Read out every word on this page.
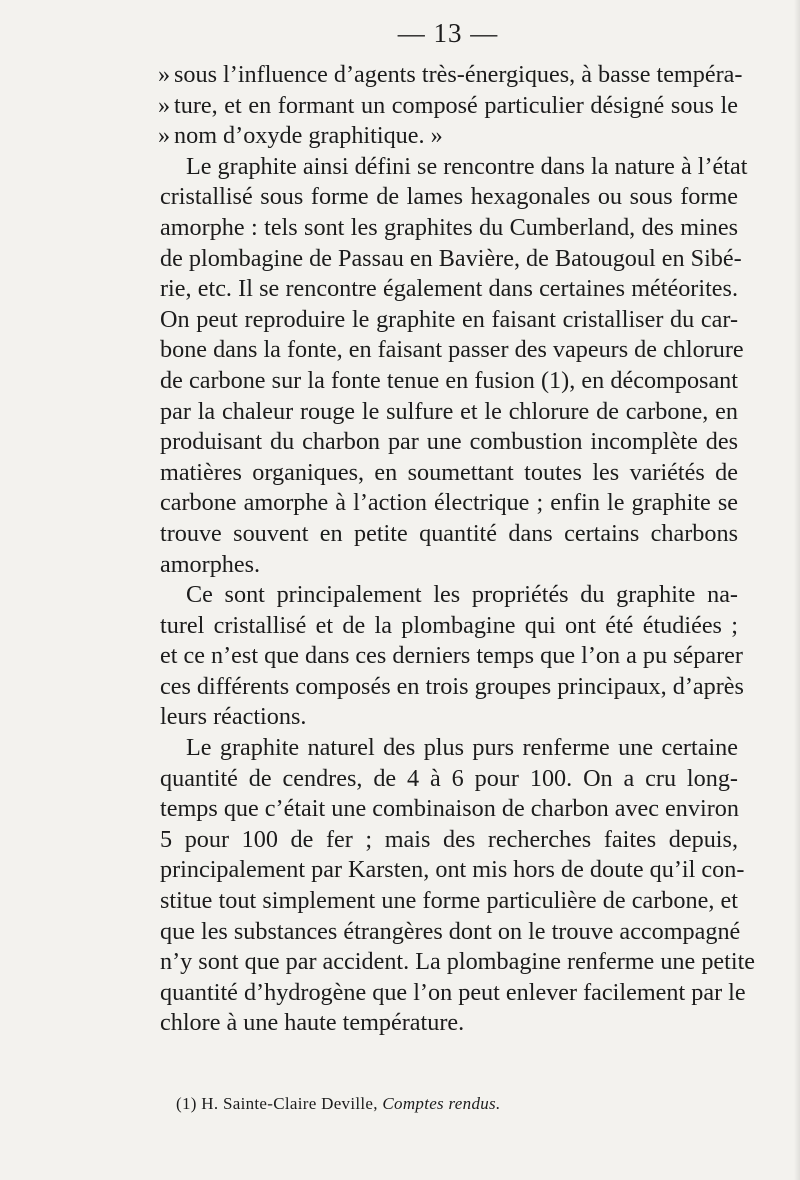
— 13 —
» sous l’influence d’agents très-énergiques, à basse tempéra-
» ture, et en formant un composé particulier désigné sous le
» nom d’oxyde graphitique. »
Le graphite ainsi défini se rencontre dans la nature à l’état
cristallisé sous forme de lames hexagonales ou sous forme
amorphe : tels sont les graphites du Cumberland, des mines
de plombagine de Passau en Bavière, de Batougoul en Sibé-
rie, etc. Il se rencontre également dans certaines météorites.
On peut reproduire le graphite en faisant cristalliser du car-
bone dans la fonte, en faisant passer des vapeurs de chlorure
de carbone sur la fonte tenue en fusion (1), en décomposant
par la chaleur rouge le sulfure et le chlorure de carbone, en
produisant du charbon par une combustion incomplète des
matières organiques, en soumettant toutes les variétés de
carbone amorphe à l’action électrique ; enfin le graphite se
trouve souvent en petite quantité dans certains charbons
amorphes.
Ce sont principalement les propriétés du graphite na-
turel cristallisé et de la plombagine qui ont été étudiées ;
et ce n’est que dans ces derniers temps que l’on a pu séparer
ces différents composés en trois groupes principaux, d’après
leurs réactions.
Le graphite naturel des plus purs renferme une certaine
quantité de cendres, de 4 à 6 pour 100. On a cru long-
temps que c’était une combinaison de charbon avec environ
5 pour 100 de fer ; mais des recherches faites depuis,
principalement par Karsten, ont mis hors de doute qu’il con-
stitue tout simplement une forme particulière de carbone, et
que les substances étrangères dont on le trouve accompagné
n’y sont que par accident. La plombagine renferme une petite
quantité d’hydrogène que l’on peut enlever facilement par le
chlore à une haute température.
(1) H. Sainte-Claire Deville, Comptes rendus.
